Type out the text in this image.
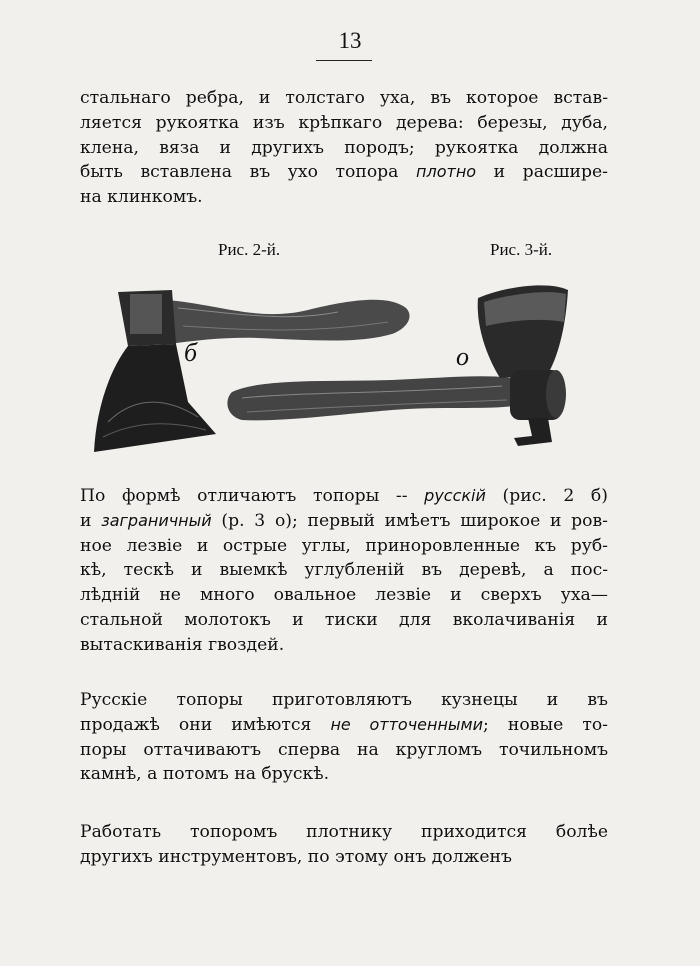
13
стальнаго ребра, и толстаго уха, въ которое встав-
ляется рукоятка изъ крѣпкаго дерева: березы, дуба,
клена, вяза и другихъ породъ; рукоятка должна
быть вставлена въ ухо топора плотно и расшире-
на клинкомъ.
Рис. 2-й.	Рис. 3-й.
б	о
По формѣ отличаютъ топоры -- русскiй (рис. 2 б)
и заграничный (р. 3 о); первый имѣетъ широкое и ров-
ное лезвiе и острые углы, приноровленные къ руб-
кѣ, тескѣ и выемкѣ углубленiй въ деревѣ, а пос-
лѣднiй не много овальное лезвiе и сверхъ уха—
стальной молотокъ и тиски для вколачиванiя и
вытаскиванiя гвоздей.
Русскiе топоры приготовляютъ кузнецы и въ
продажѣ они имѣются не отточенными; новые то-
поры оттачиваютъ сперва на кругломъ точильномъ
камнѣ, а потомъ на брускѣ.
Работать топоромъ плотнику приходится болѣе
другихъ инструментовъ, по этому онъ долженъ
